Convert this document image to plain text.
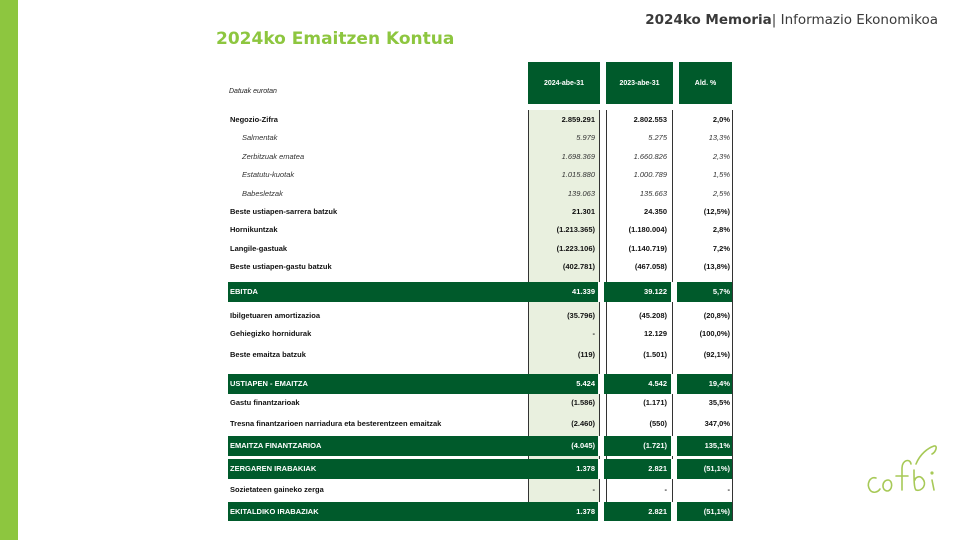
2024ko Memoria| Informazio Ekonomikoa
2024ko Emaitzen Kontua
Datuak eurotan
2024-abe-31	2023-abe-31	Ald. %
Negozio-Zifra	2.859.291	2.802.553	2,0%
Salmentak	5.979	5.275	13,3%
Zerbitzuak ematea	1.698.369	1.660.826	2,3%
Estatutu-kuotak	1.015.880	1.000.789	1,5%
Babesletzak	139.063	135.663	2,5%
Beste ustiapen-sarrera batzuk	21.301	24.350	(12,5%)
Hornikuntzak	(1.213.365)	(1.180.004)	2,8%
Langile-gastuak	(1.223.106)	(1.140.719)	7,2%
Beste ustiapen-gastu batzuk	(402.781)	(467.058)	(13,8%)
EBITDA	41.339	39.122	5,7%
Ibilgetuaren amortizazioa	(35.796)	(45.208)	(20,8%)
Gehiegizko hornidurak	-	12.129	(100,0%)
Beste emaitza batzuk	(119)	(1.501)	(92,1%)
USTIAPEN - EMAITZA	5.424	4.542	19,4%
Gastu finantzarioak	(1.586)	(1.171)	35,5%
Tresna finantzarioen narriadura eta besterentzeen emaitzak	(2.460)	(550)	347,0%
EMAITZA FINANTZARIOA	(4.045)	(1.721)	135,1%
ZERGAREN IRABAKIAK	1.378	2.821	(51,1%)
Sozietateen gaineko zerga	-	-	-
EKITALDIKO IRABAZIAK	1.378	2.821	(51,1%)
